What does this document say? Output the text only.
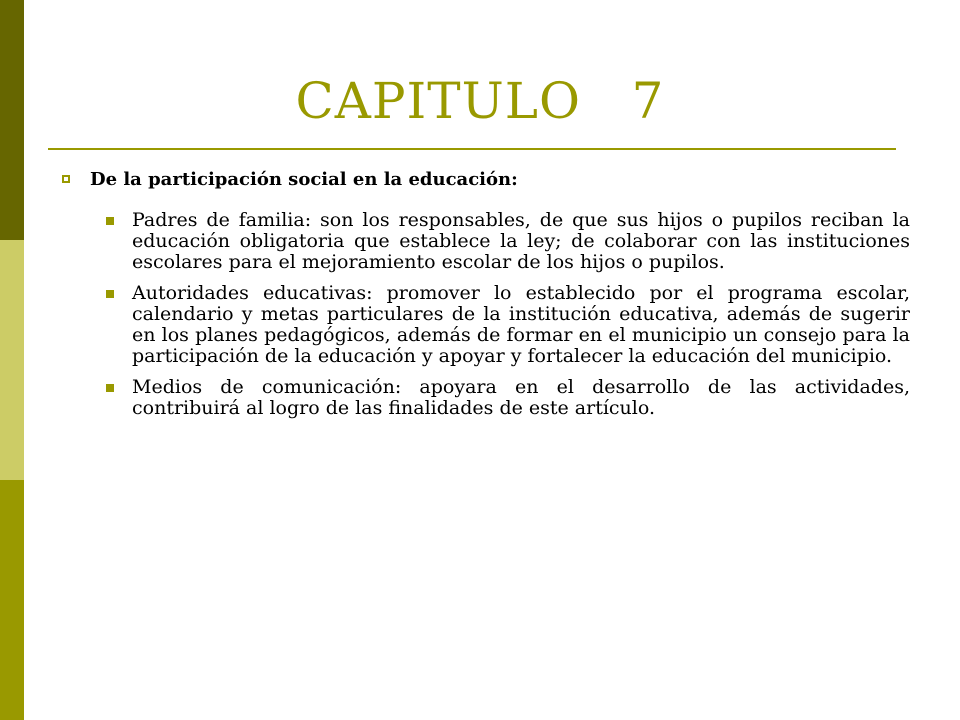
CAPITULO   7
De la participación social en la educación:
Padres de familia: son los responsables, de que sus hijos o pupilos reciban la educación obligatoria que establece la ley; de colaborar con las instituciones escolares para el mejoramiento escolar de los hijos o pupilos.
Autoridades educativas: promover lo establecido por el programa escolar, calendario y metas particulares de la institución educativa, además de sugerir en los planes pedagógicos, además de formar en el municipio un consejo para la participación de la educación y apoyar y fortalecer la educación del municipio.
Medios de comunicación: apoyara en el desarrollo de las actividades, contribuirá al logro de las finalidades de este artículo.
